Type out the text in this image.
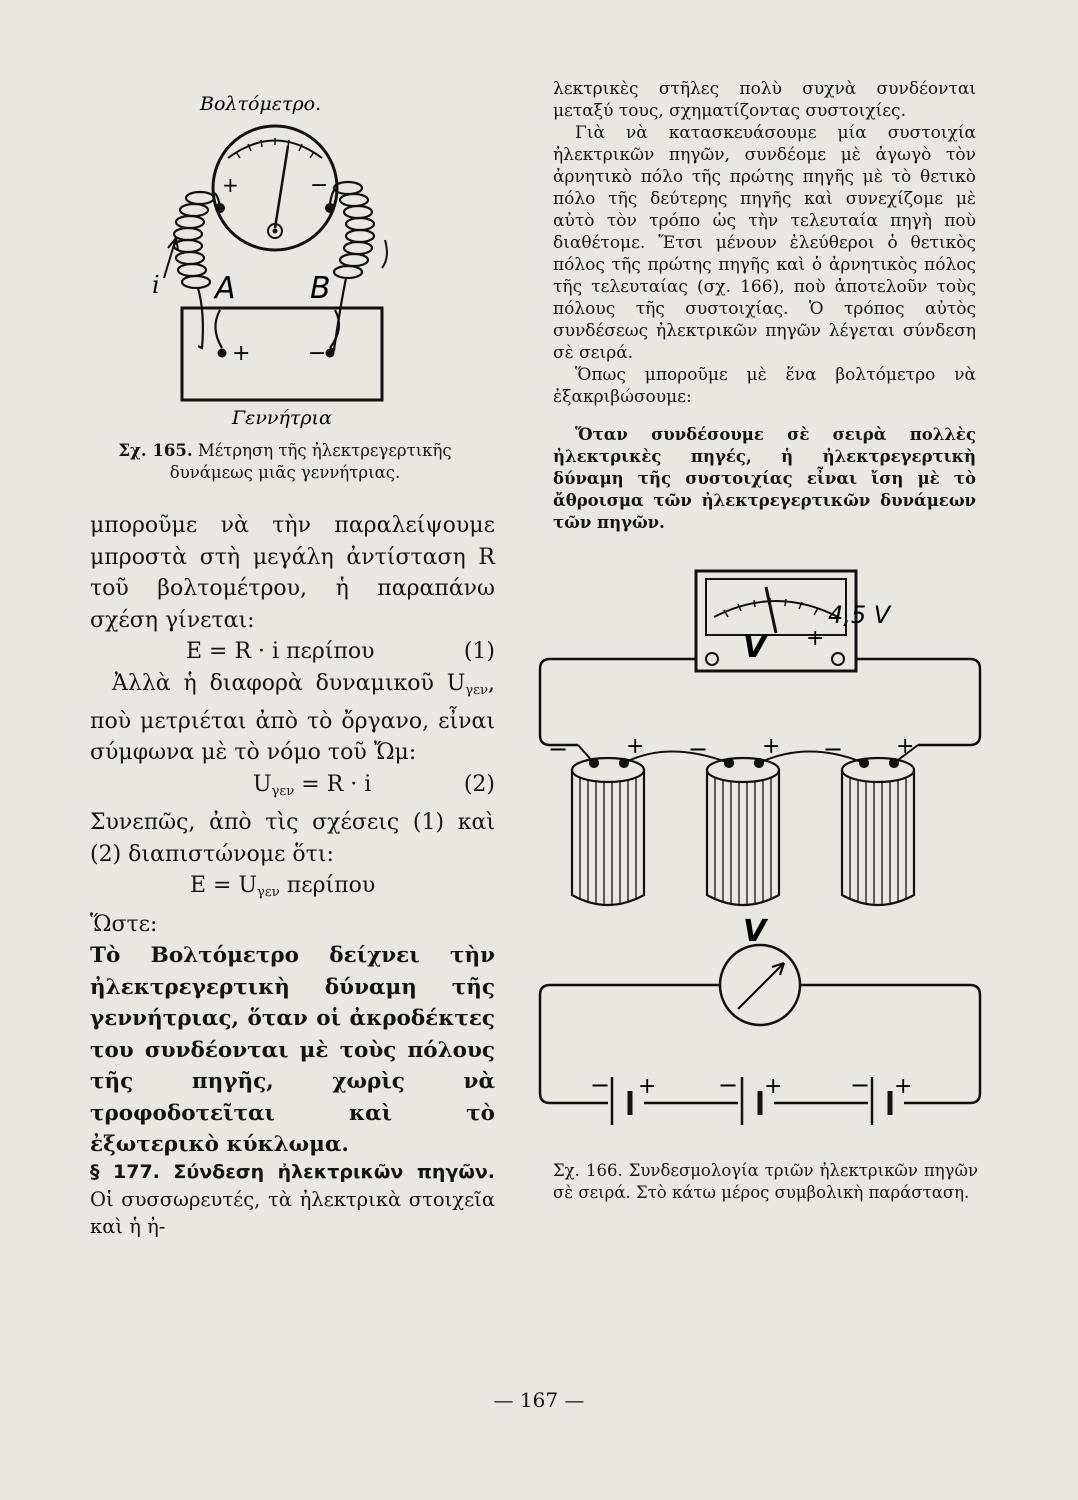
Βολτόμετρο.
+	−
i A B
+	−
Γεννήτρια
Σχ. 165. Μέτρηση τῆς ἠλεκτρεγερτικῆς δυνάμεως μιᾶς γεννήτριας.

μποροῦμε νὰ τὴν παραλείψουμε μπροστὰ στὴ μεγάλη ἀντίσταση R τοῦ βολτομέτρου, ἡ παραπάνω σχέση γίνεται:

E = R · i περίπου	(1)

Ἀλλὰ ἡ διαφορὰ δυναμικοῦ $U_{\gamma\varepsilon\nu}$, ποὺ μετριέται ἀπὸ τὸ ὄργανο, εἶναι σύμφωνα μὲ τὸ νόμο τοῦ Ὤμ:

$U_{\gamma\varepsilon\nu} = R \cdot i$	(2)

Συνεπῶς, ἀπὸ τὶς σχέσεις (1) καὶ (2) διαπιστώνομε ὅτι:

$E = U_{\gamma\varepsilon\nu}$ περίπου

Ὥστε:

Τὸ Βολτόμετρο δείχνει τὴν ἠλεκτρεγερτικὴ δύναμη τῆς γεννήτριας, ὅταν οἱ ἀκροδέκτες του συνδέονται μὲ τοὺς πόλους τῆς πηγῆς, χωρὶς νὰ τροφοδοτεῖται καὶ τὸ ἐξωτερικὸ κύκλωμα.

§ 177. Σύνδεση ἠλεκτρικῶν πηγῶν. Οἱ συσσωρευτές, τὰ ἠλεκτρικὰ στοιχεῖα καὶ ἡ ἠ-

λεκτρικὲς στῆλες πολὺ συχνὰ συνδέονται μεταξύ τους, σχηματίζοντας συστοιχίες.

Γιὰ νὰ κατασκευάσουμε μία συστοιχία ἠλεκτρικῶν πηγῶν, συνδέομε μὲ ἀγωγὸ τὸν ἀρνητικὸ πόλο τῆς πρώτης πηγῆς μὲ τὸ θετικὸ πόλο τῆς δεύτερης πηγῆς καὶ συνεχίζομε μὲ αὐτὸ τὸν τρόπο ὡς τὴν τελευταία πηγὴ ποὺ διαθέτομε. Ἔτσι μένουν ἐλεύθεροι ὁ θετικὸς πόλος τῆς πρώτης πηγῆς καὶ ὁ ἀρνητικὸς πόλος τῆς τελευταίας (σχ. 166), ποὺ ἀποτελοῦν τοὺς πόλους τῆς συστοιχίας. Ὁ τρόπος αὐτὸς συνδέσεως ἠλεκτρικῶν πηγῶν λέγεται σύνδεση σὲ σειρά.

Ὅπως μποροῦμε μὲ ἕνα βολτόμετρο νὰ ἐξακριβώσουμε:

Ὅταν συνδέσουμε σὲ σειρὰ πολλὲς ἠλεκτρικὲς πηγές, ἡ ἠλεκτρεγερτικὴ δύναμη τῆς συστοιχίας εἶναι ἴση μὲ τὸ ἄθροισμα τῶν ἠλεκτρεγερτικῶν δυνάμεων τῶν πηγῶν.

V +
4,5 V
−	+ − + − +
V
− +	− +	− +
Σχ. 166. Συνδεσμολογία τριῶν ἠλεκτρικῶν πηγῶν σὲ σειρά. Στὸ κάτω μέρος συμβολικὴ παράσταση.
— 167 —
